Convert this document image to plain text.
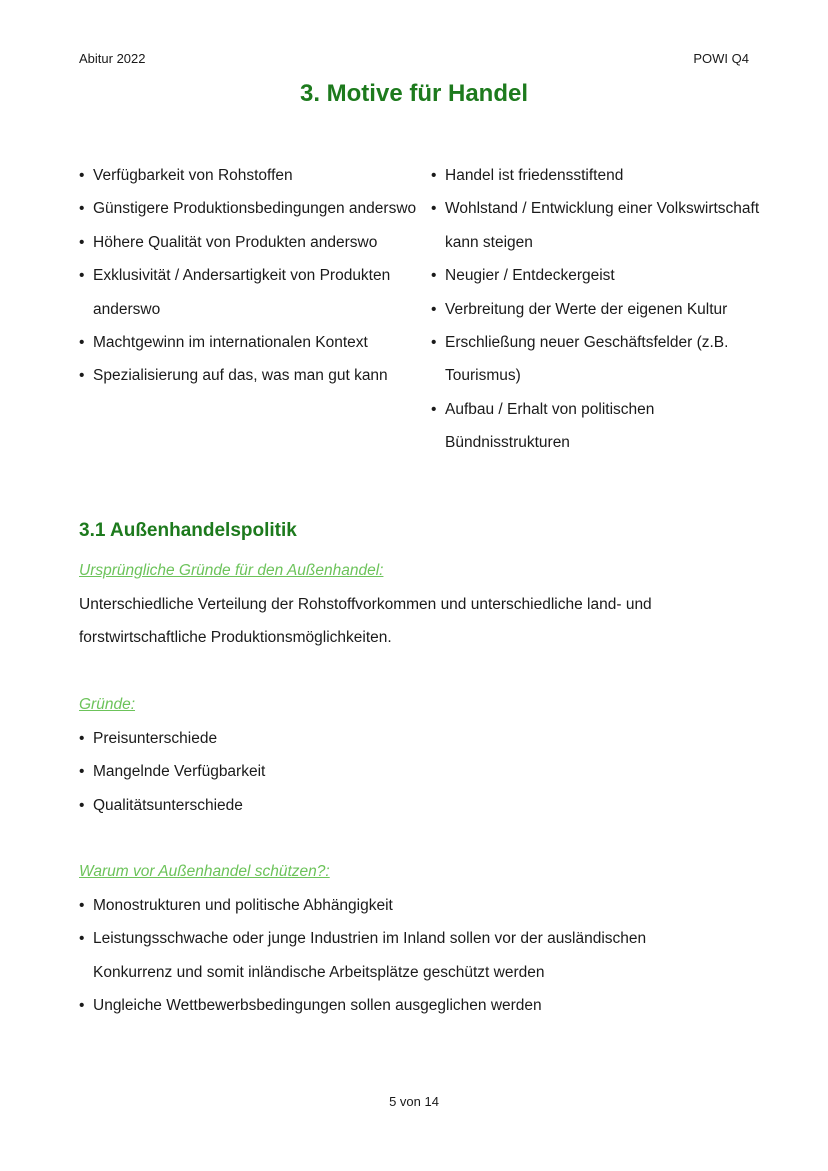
Abitur 2022	POWI Q4
3. Motive für Handel
• Verfügbarkeit von Rohstoffen
• Günstigere Produktionsbedingungen anderswo
• Höhere Qualität von Produkten anderswo
• Exklusivität / Andersartigkeit von Produkten anderswo
• Machtgewinn im internationalen Kontext
• Spezialisierung auf das, was man gut kann
• Handel ist friedensstiftend
• Wohlstand / Entwicklung einer Volkswirtschaft kann steigen
• Neugier / Entdeckergeist
• Verbreitung der Werte der eigenen Kultur
• Erschließung neuer Geschäftsfelder (z.B. Tourismus)
• Aufbau / Erhalt von politischen Bündnisstrukturen
3.1 Außenhandelspolitik

Ursprüngliche Gründe für den Außenhandel:

Unterschiedliche Verteilung der Rohstoffvorkommen und unterschiedliche land- und forstwirtschaftliche Produktionsmöglichkeiten.

Gründe:

• Preisunterschiede
• Mangelnde Verfügbarkeit
• Qualitätsunterschiede

Warum vor Außenhandel schützen?:

• Monostrukturen und politische Abhängigkeit
• Leistungsschwache oder junge Industrien im Inland sollen vor der ausländischen Konkurrenz und somit inländische Arbeitsplätze geschützt werden
• Ungleiche Wettbewerbsbedingungen sollen ausgeglichen werden
5 von 14
